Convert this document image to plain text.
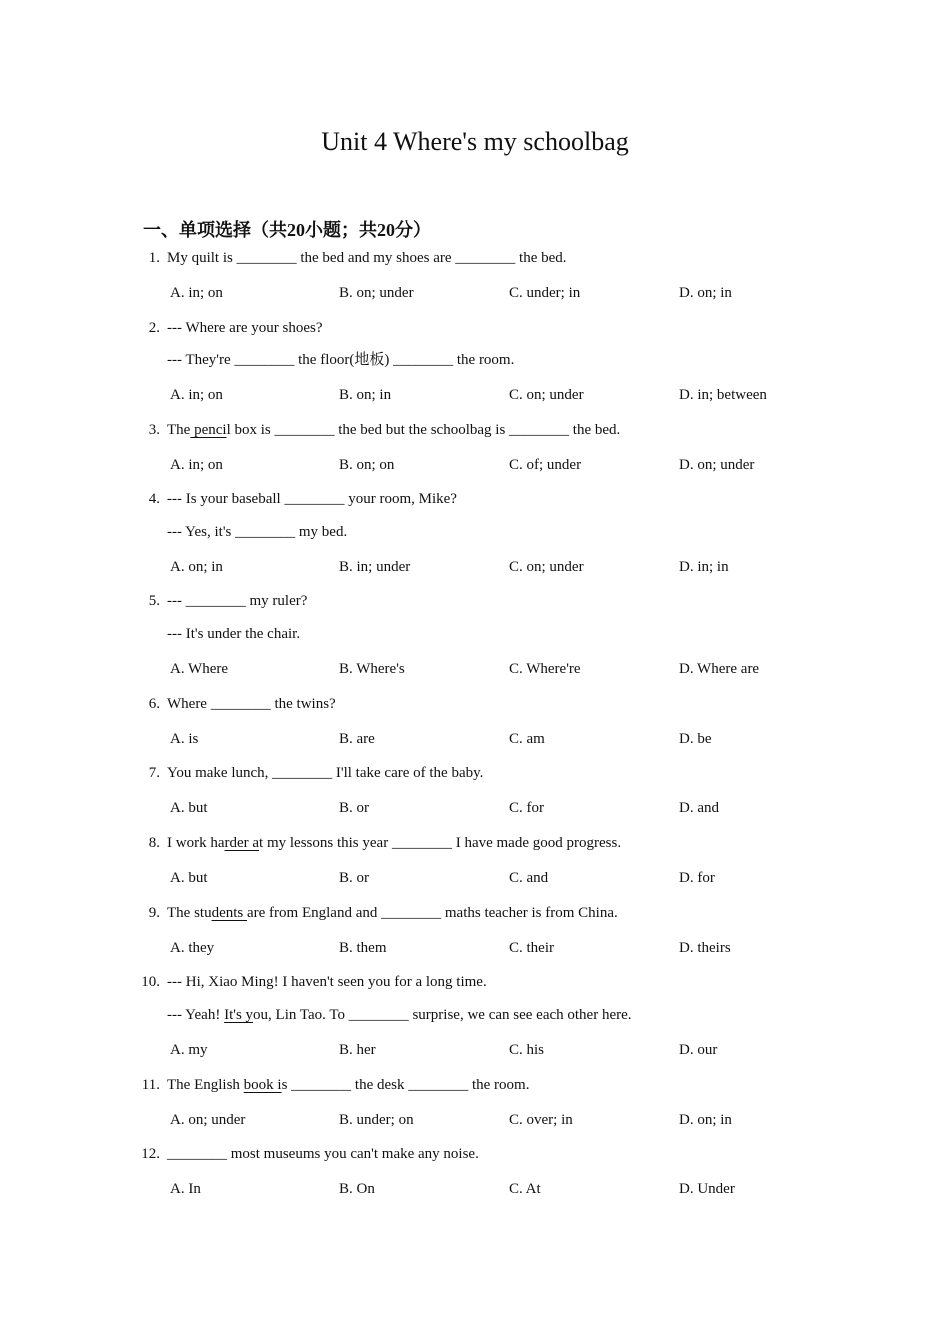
Unit 4 Where's my schoolbag
一、单项选择（共20小题；共20分）
1. My quilt is ________ the bed and my shoes are ________ the bed.
A. in; on	B. on; under	C. under; in	D. on; in
2. --- Where are your shoes?
--- They're ________ the floor(地板) ________ the room.
A. in; on	B. on; in	C. on; under	D. in; between
3. The pencil box is ________ the bed but the schoolbag is ________ the bed.
A. in; on	B. on; on	C. of; under	D. on; under
4. --- Is your baseball ________ your room, Mike?
--- Yes, it's ________ my bed.
A. on; in	B. in; under	C. on; under	D. in; in
5. --- ________ my ruler?
--- It's under the chair.
A. Where	B. Where's	C. Where're	D. Where are
6. Where ________ the twins?
A. is	B. are	C. am	D. be
7. You make lunch, ________ I'll take care of the baby.
A. but	B. or	C. for	D. and
8. I work harder at my lessons this year ________ I have made good progress.
A. but	B. or	C. and	D. for
9. The students are from England and ________ maths teacher is from China.
A. they	B. them	C. their	D. theirs
10. --- Hi, Xiao Ming! I haven't seen you for a long time.
--- Yeah! It's you, Lin Tao. To ________ surprise, we can see each other here.
A. my	B. her	C. his	D. our
11. The English book is ________ the desk ________ the room.
A. on; under	B. under; on	C. over; in	D. on; in
12. ________ most museums you can't make any noise.
A. In	B. On	C. At	D. Under
